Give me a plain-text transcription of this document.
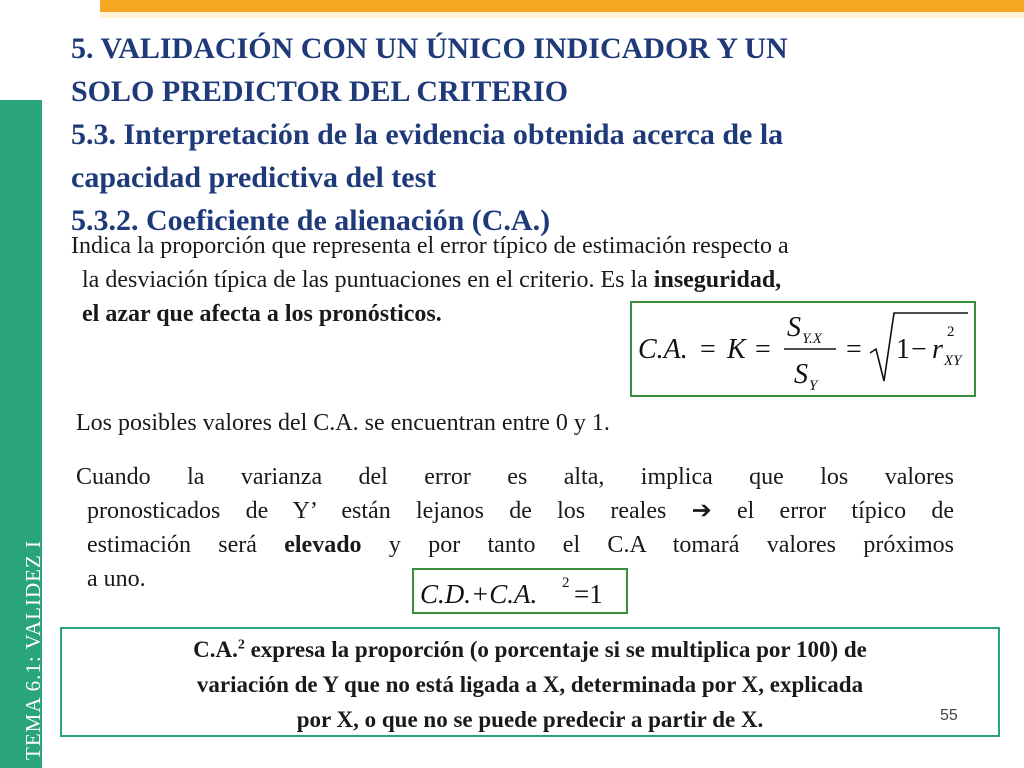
TEMA 6.1: VALIDEZ I
5. VALIDACIÓN CON UN ÚNICO INDICADOR Y UN
SOLO PREDICTOR DEL CRITERIO
5.3. Interpretación de la evidencia obtenida acerca de la
capacidad predictiva del test
5.3.2. Coeficiente de alienación (C.A.)
Indica la proporción que representa el error típico de estimación respecto a
la desviación típica de las puntuaciones en el criterio. Es la inseguridad,
el azar que afecta a los pronósticos.
C.A. = K =
S Y.X
S Y
= 1 − r
2
XY
Los posibles valores del C.A. se encuentran entre 0 y 1.
Cuando la varianza del error es alta, implica que los valores
pronosticados de Y’ están lejanos de los reales ➔ el error típico de
estimación será elevado y por tanto el C.A tomará valores próximos
a uno.	C.D.+C.A. 2 =1
C.A.$^2$ expresa la proporción (o porcentaje si se multiplica por 100) de
variación de Y que no está ligada a X, determinada por X, explicada
por X, o que no se puede predecir a partir de X.	55
